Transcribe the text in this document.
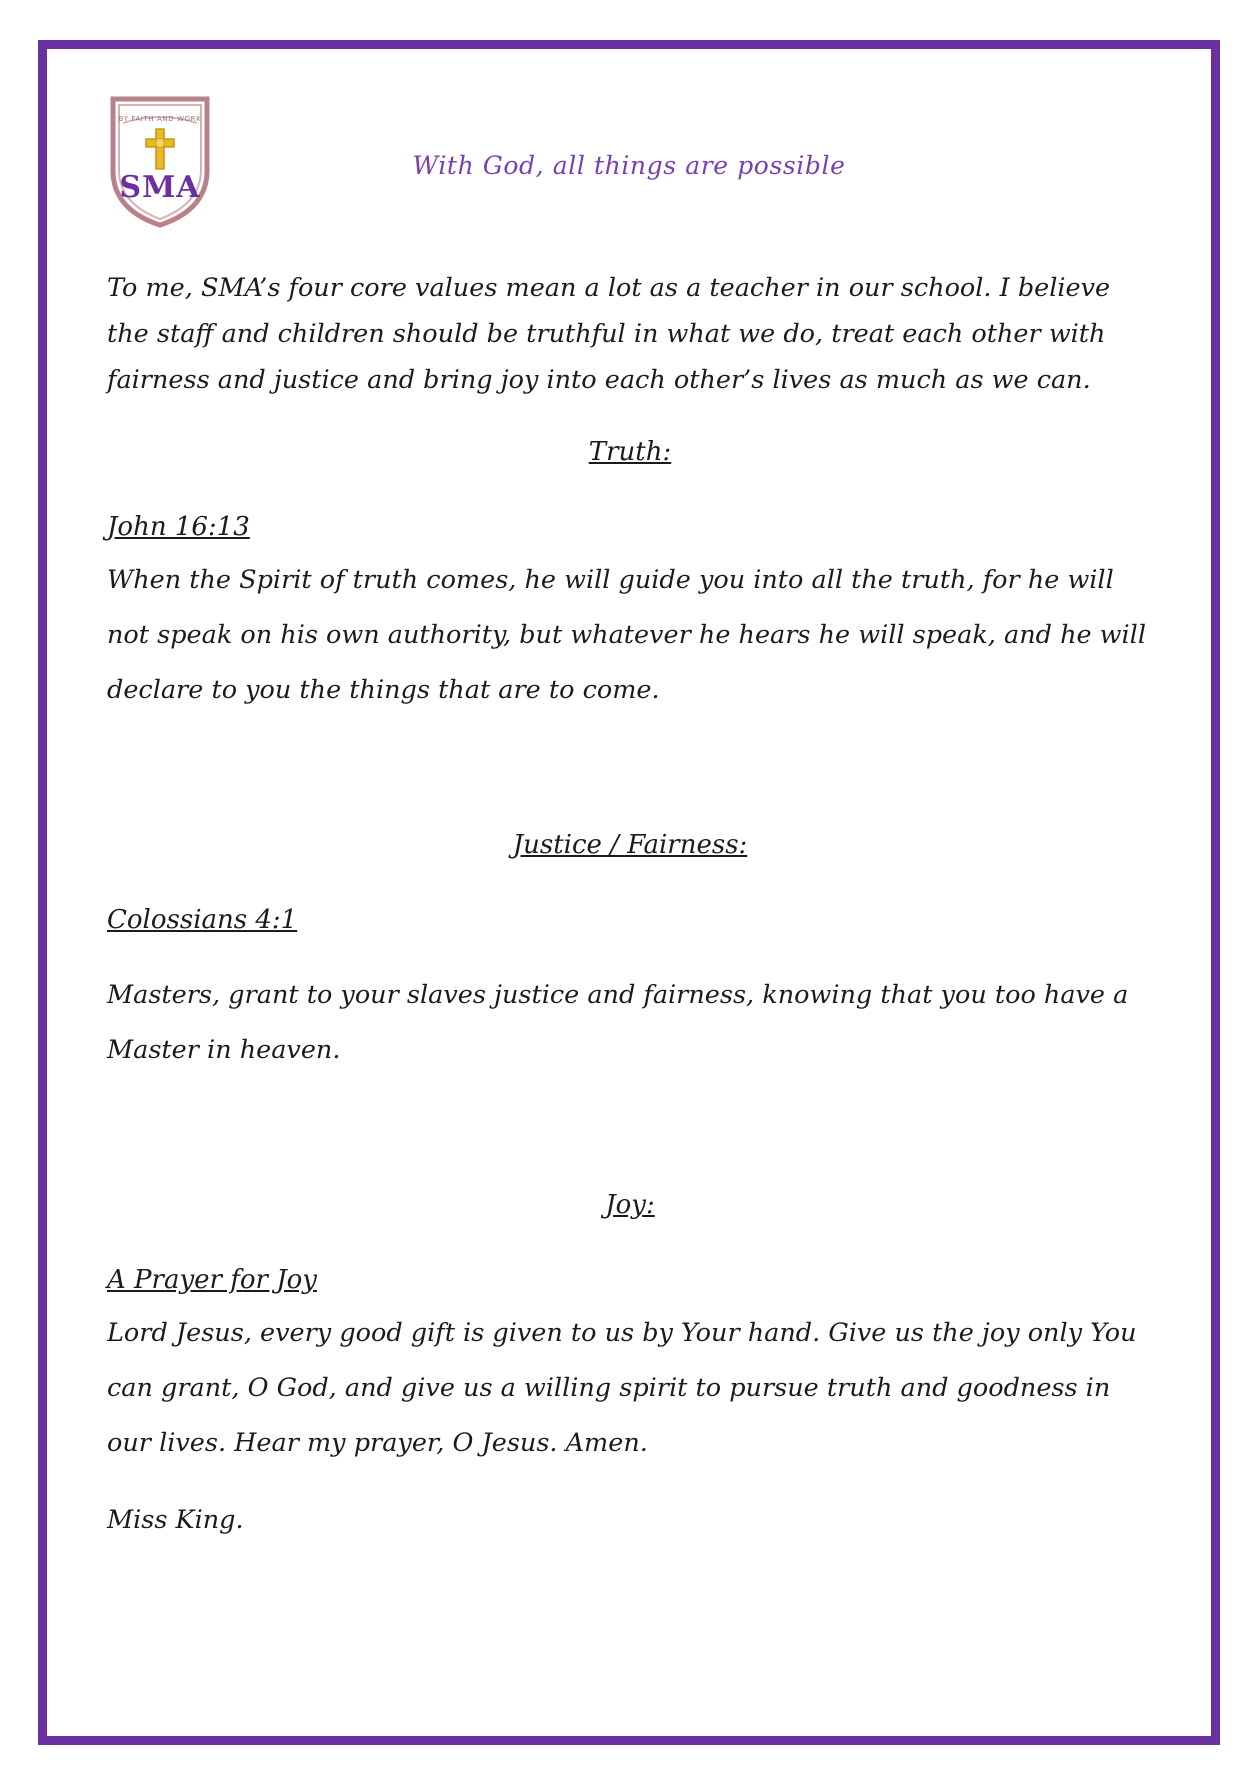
BY FAITH AND WORK
SMA
With God, all things are possible

To me, SMA’s four core values mean a lot as a teacher in our school. I believe the staff and children should be truthful in what we do, treat each other with fairness and justice and bring joy into each other’s lives as much as we can.

Truth:
John 16:13

When the Spirit of truth comes, he will guide you into all the truth, for he will not speak on his own authority, but whatever he hears he will speak, and he will declare to you the things that are to come.

Justice / Fairness:
Colossians 4:1

Masters, grant to your slaves justice and fairness, knowing that you too have a Master in heaven.

Joy:
A Prayer for Joy

Lord Jesus, every good gift is given to us by Your hand. Give us the joy only You can grant, O God, and give us a willing spirit to pursue truth and goodness in our lives. Hear my prayer, O Jesus. Amen.

Miss King.
